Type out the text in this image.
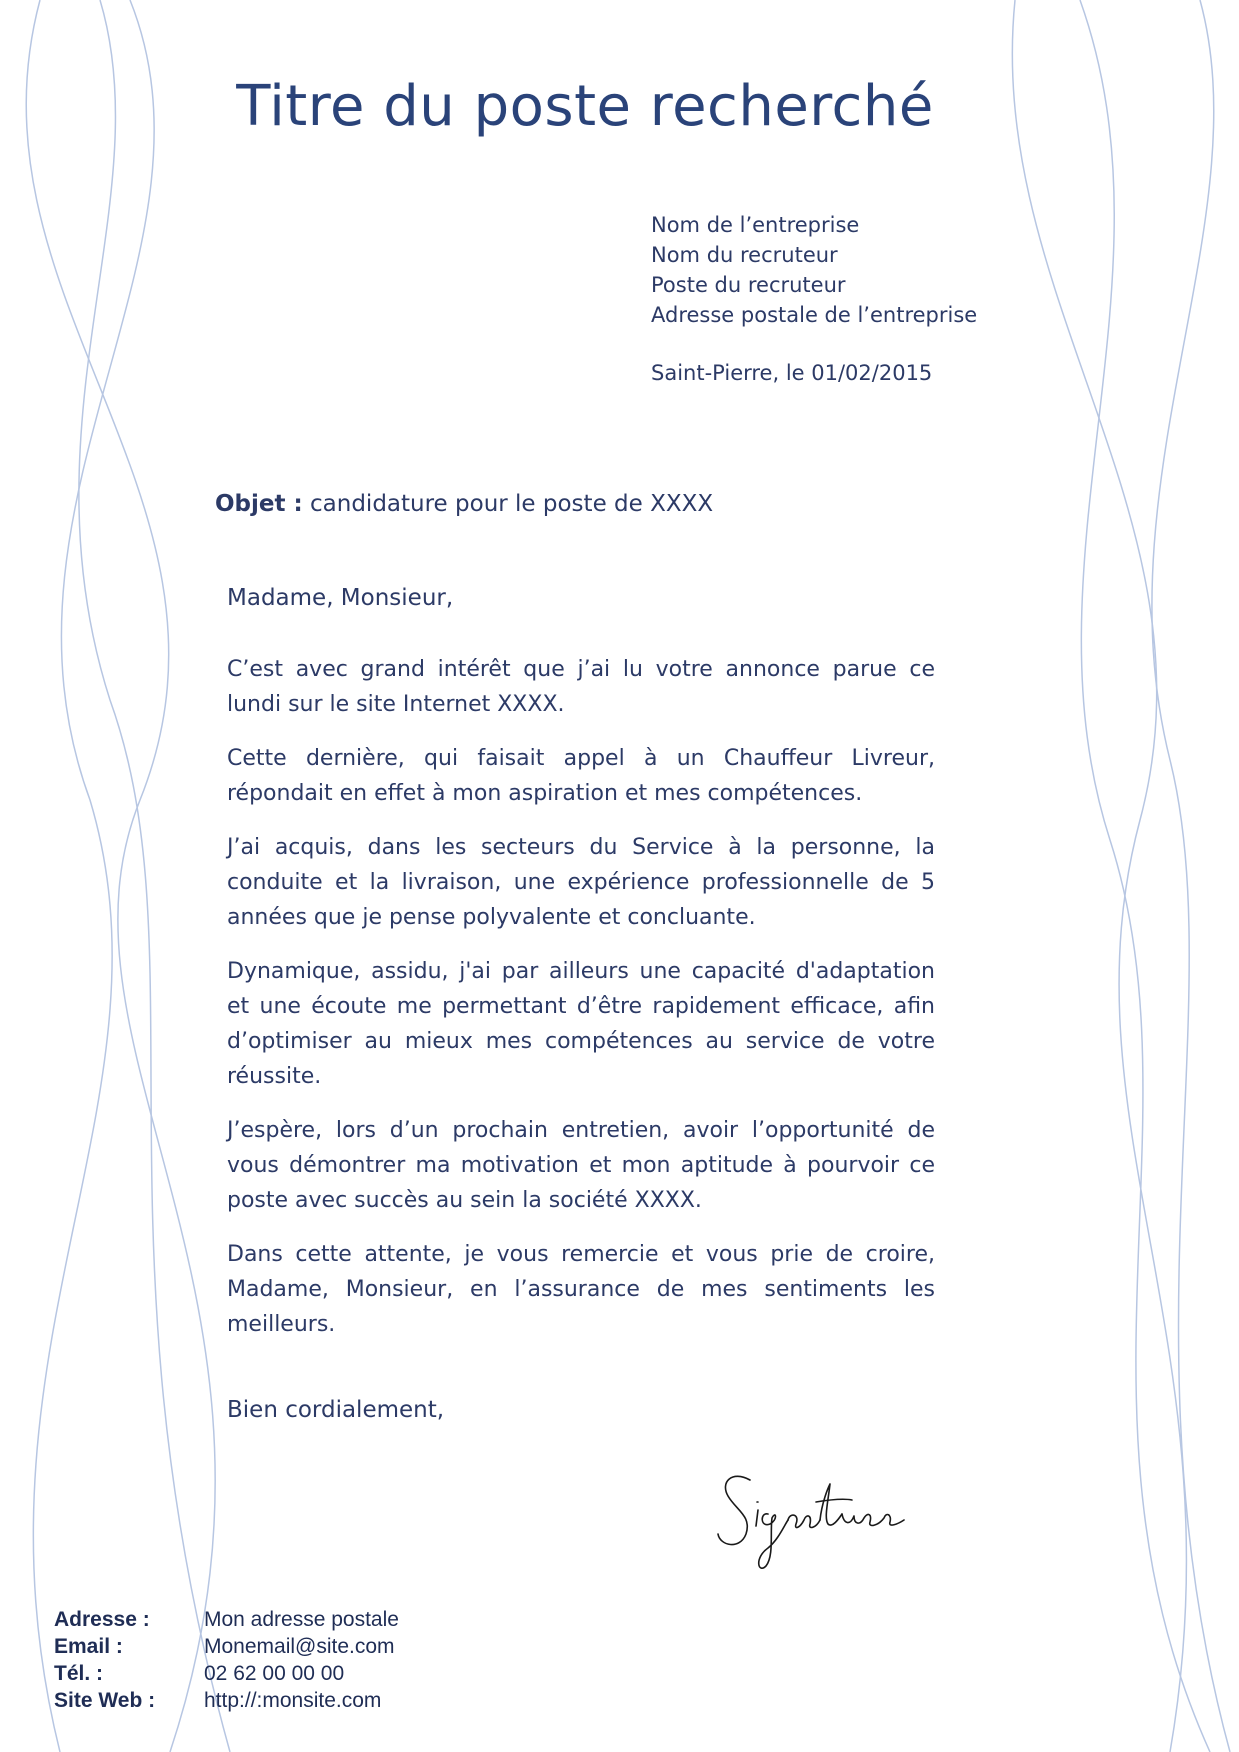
Titre du poste recherché
Nom de l’entreprise
Nom du recruteur
Poste du recruteur
Adresse postale de l’entreprise
Saint-Pierre, le 01/02/2015
Objet : candidature pour le poste de XXXX
Madame, Monsieur,

C’est avec grand intérêt que j’ai lu votre annonce parue ce lundi sur le site Internet XXXX.

Cette dernière, qui faisait appel à un Chauffeur Livreur, répondait en effet à mon aspiration et mes compétences.

J’ai acquis, dans les secteurs du Service à la personne, la conduite et la livraison, une expérience professionnelle de 5 années que je pense polyvalente et concluante.

Dynamique, assidu, j'ai par ailleurs une capacité d'adaptation et une écoute me permettant d’être rapidement efficace, afin d’optimiser au mieux mes compétences au service de votre réussite.

J’espère, lors d’un prochain entretien, avoir l’opportunité de vous démontrer ma motivation et mon aptitude à pourvoir ce poste avec succès au sein la société XXXX.

Dans cette attente, je vous remercie et vous prie de croire, Madame, Monsieur, en l’assurance de mes sentiments les meilleurs.

Bien cordialement,
Adresse :	Mon adresse postale
Email :	Monemail@site.com
Tél. :	02 62 00 00 00
Site Web :	http://:monsite.com
